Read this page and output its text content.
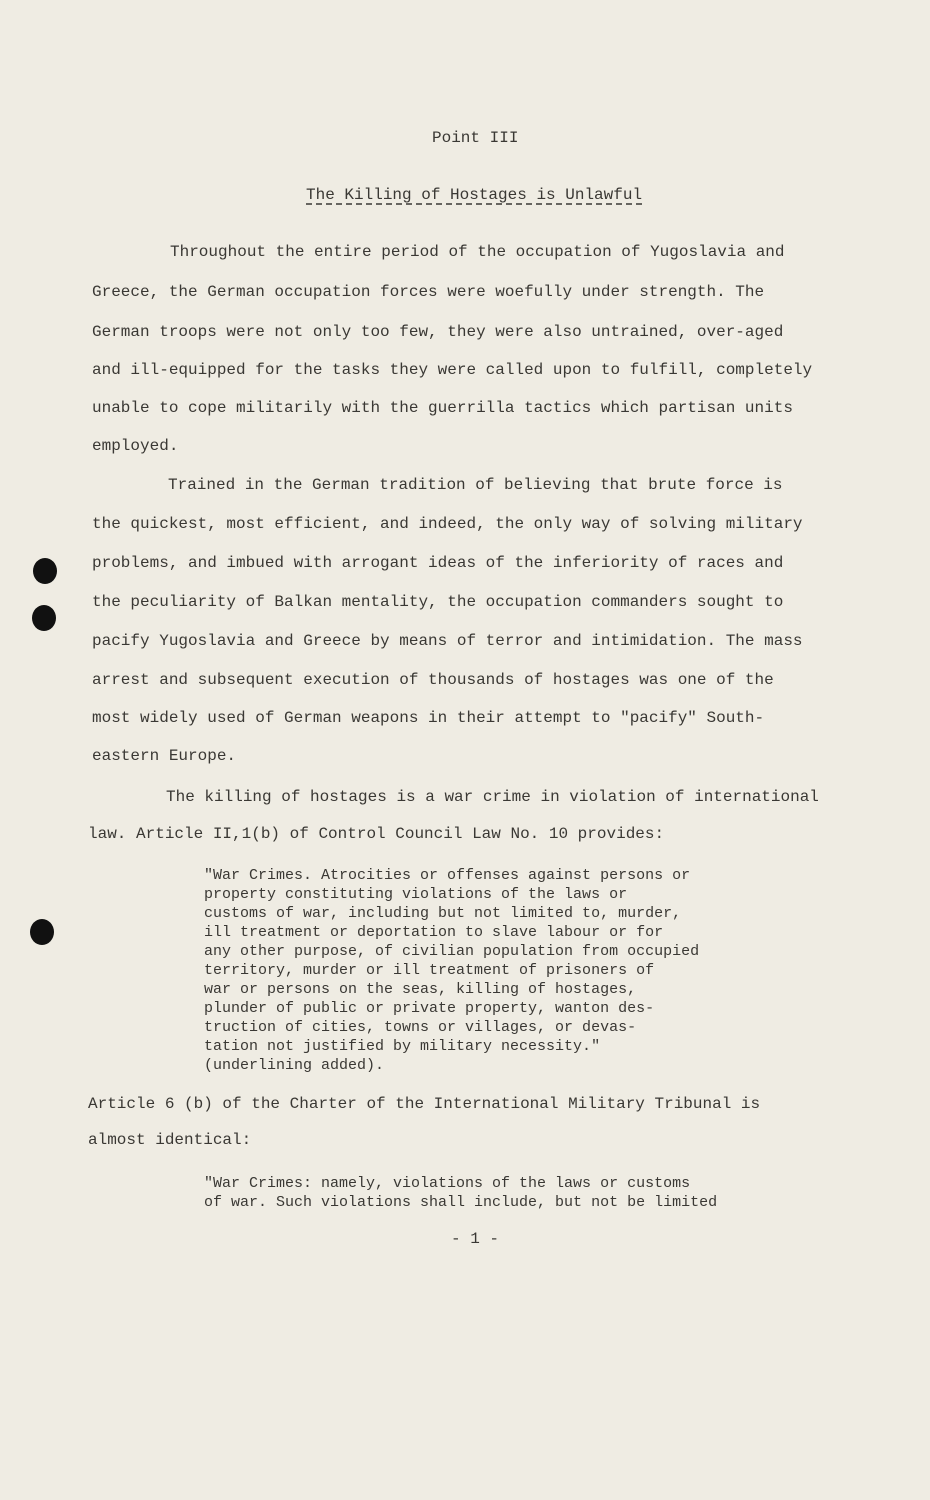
Point III
The Killing of Hostages is Unlawful
Throughout the entire period of the occupation of Yugoslavia and
Greece, the German occupation forces were woefully under strength. The
German troops were not only too few, they were also untrained, over-aged
and ill-equipped for the tasks they were called upon to fulfill, completely
unable to cope militarily with the guerrilla tactics which partisan units
employed.
Trained in the German tradition of believing that brute force is
the quickest, most efficient, and indeed, the only way of solving military
problems, and imbued with arrogant ideas of the inferiority of races and
the peculiarity of Balkan mentality, the occupation commanders sought to
pacify Yugoslavia and Greece by means of terror and intimidation. The mass
arrest and subsequent execution of thousands of hostages was one of the
most widely used of German weapons in their attempt to "pacify" South-
eastern Europe.
The killing of hostages is a war crime in violation of international
law. Article II,1(b) of Control Council Law No. 10 provides:
"War Crimes. Atrocities or offenses against persons or
property constituting violations of the laws or
customs of war, including but not limited to, murder,
ill treatment or deportation to slave labour or for
any other purpose, of civilian population from occupied
territory, murder or ill treatment of prisoners of
war or persons on the seas, killing of hostages,
plunder of public or private property, wanton des-
truction of cities, towns or villages, or devas-
tation not justified by military necessity."
(underlining added).
Article 6 (b) of the Charter of the International Military Tribunal is
almost identical:
"War Crimes: namely, violations of the laws or customs
of war. Such violations shall include, but not be limited
- 1 -
